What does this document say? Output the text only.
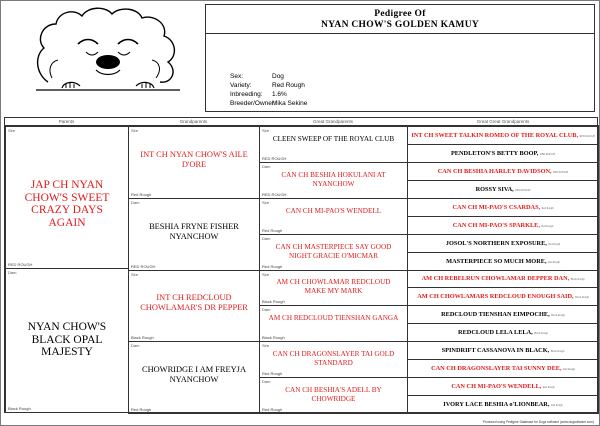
Pedigree Of
NYAN CHOW'S GOLDEN KAMUY
Sex:	Dog
Variety:	Red Rough
Inbreeding: 1.6%
Breeder/Owner:Mika Sekine
Parents	Grandparents	Great Grandparents	Great Great Grandparents
Sire
JAP CH NYAN CHOW'S SWEET CRAZY DAYS AGAIN
RED ROUGH
Dam
NYAN CHOW'S BLACK OPAL MAJESTY
Black Rough
Sire
INT CH NYAN CHOW'S AILE D'ORE
Red Rough
Dam
BESHIA FRYNE FISHER NYANCHOW
RED ROUGH
Sire
INT CH REDCLOUD CHOWLAMAR'S DR PEPPER
Black Rough
Dam
CHOWRIDGE I AM FREYJA NYANCHOW
Red Rough
Sire
CLEEN SWEEP OF THE ROYAL CLUB
RED ROUGH
Dam
CAN CH BESHIA HOKULANI AT NYANCHOW
RED ROUGH
Sire
CAN CH MI-PAO'S WENDELL
Red Rough
Dam
CAN CH MASTERPIECE SAY GOOD NIGHT GRACIE O'MICMAR
Red Rough
Sire
AM CH CHOWLAMAR REDCLOUD MAKE MY MARK
Black Rough
Dam
AM CH REDCLOUD TIENSHAN GANGA
Black Rough
Sire
CAN CH DRAGONSLAYER TAI GOLD STANDARD
Red Rough
Dam
CAN CH BESHIA'S ADELL BY CHOWRIDGE
Red Rough
INT CH SWEET TALKIN ROMEO OF THE ROYAL CLUB, RED ROUGH
PENDLETON'S BETTY BOOP, RED ROUGH
CAN CH BESHIA HARLEY DAVIDSON, RED ROUGH
ROSSY SIVA, RED ROUGH
CAN CH MI-PAO'S CSARDAS, Red Rough
CAN CH MI-PAO'S SPARKLE, Red Rough
JOSOL'S NORTHERN EXPOSURE, Red Rough
MASTERPIECE SO MUCH MORE, Red Rough
AM CH REBELRUN CHOWLAMAR DEPPER DAN, Black Rough
AM CH CHOWLAMARS REDCLOUD ENOUGH SAID, Black Rough
REDCLOUD TIENSHAN EIMPOCHE, Black Rough
REDCLOUD LELA LELA, Black Rough
SPINDRIFT CASSANOVA IN BLACK, Black Rough
CAN CH DRAGONSLAYER TAI SUNNY DEE, Red Rough
CAN CH MI-PAO'S WENDELL, Red Rough
IVORY LACE BESHIA o'LIONBEAR, Red Rough
Produced using Pedigree Database for Dogs software (www.dogsoftware.com)
